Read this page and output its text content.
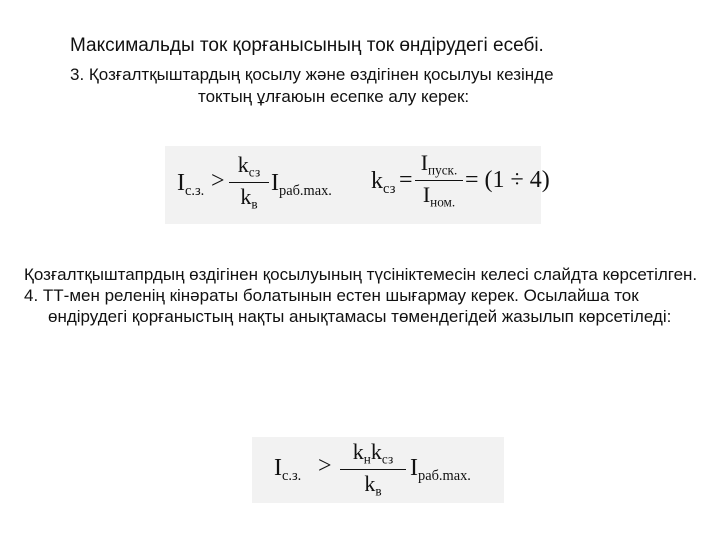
Максимальды ток қорғанысының ток өндірудегі есебі.
3. Қозғалтқыштардың қосылу және өздігінен қосылуы кезінде
токтың ұлғаюын есепке алу керек:
$I_{с.з.}$ >
$k_{сз}$
$k_в$
$I_{раб.max.}$ $k_{сз}$ =
$I_{пуск.}$
$I_{ном.}$
= (1 ÷ 4)

Қозғалтқыштапрдың өздігінен қосылуының түсініктемесін келесі слайдта көрсетілген.

4. ТТ-мен реленің кінәраты болатынын естен шығармау керек. Осылайша ток өндірудегі қорғаныстың нақты анықтамасы төмендегідей жазылып көрсетіледі:

$I_{с.з.}$ >
$k_нk_{сз}$
$k_в$
$I_{раб.max.}$
